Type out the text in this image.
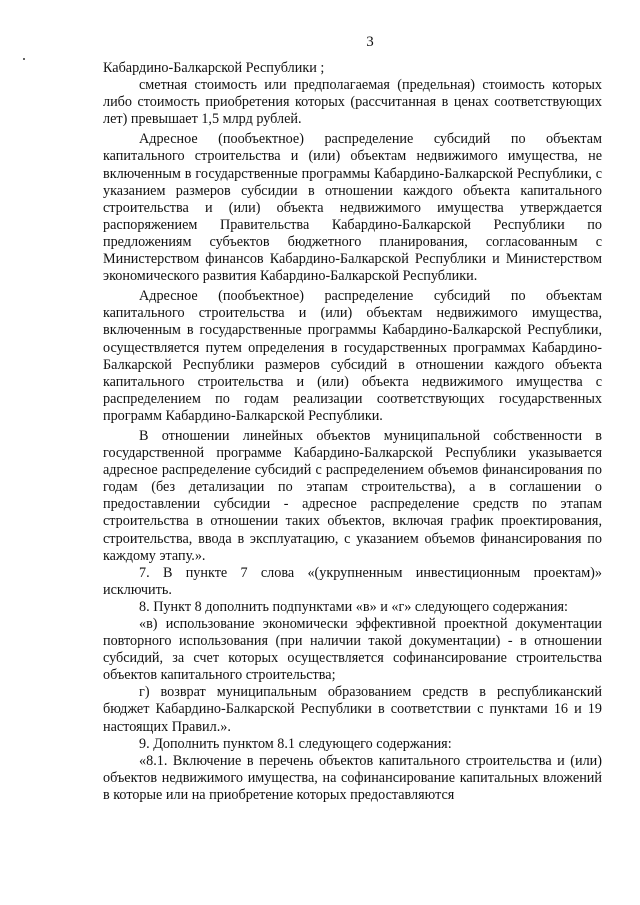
3

Кабардино-Балкарской Республики ;

сметная стоимость или предполагаемая (предельная) стоимость которых либо стоимость приобретения которых (рассчитанная в ценах соответствующих лет) превышает 1,5 млрд рублей.

Адресное (пообъектное) распределение субсидий по объектам капитального строительства и (или) объектам недвижимого имущества, не включенным в государственные программы Кабардино-Балкарской Республики, с указанием размеров субсидии в отношении каждого объекта капитального строительства и (или) объекта недвижимого имущества утверждается распоряжением Правительства Кабардино-Балкарской Республики по предложениям субъектов бюджетного планирования, согласованным с Министерством финансов Кабардино-Балкарской Республики и Министерством экономического развития Кабардино-Балкарской Республики.

Адресное (пообъектное) распределение субсидий по объектам капитального строительства и (или) объектам недвижимого имущества, включенным в государственные программы Кабардино-Балкарской Республики, осуществляется путем определения в государственных программах Кабардино-Балкарской Республики размеров субсидий в отношении каждого объекта капитального строительства и (или) объекта недвижимого имущества с распределением по годам реализации соответствующих государственных программ Кабардино-Балкарской Республики.

В отношении линейных объектов муниципальной собственности в государственной программе Кабардино-Балкарской Республики указывается адресное распределение субсидий с распределением объемов финансирования по годам (без детализации по этапам строительства), а в соглашении о предоставлении субсидии - адресное распределение средств по этапам строительства в отношении таких объектов, включая график проектирования, строительства, ввода в эксплуатацию, с указанием объемов финансирования по каждому этапу.».

7. В пункте 7 слова «(укрупненным инвестиционным проектам)» исключить.

8. Пункт 8 дополнить подпунктами «в» и «г» следующего содержания:

«в) использование экономически эффективной проектной документации повторного использования (при наличии такой документации) - в отношении субсидий, за счет которых осуществляется софинансирование строительства объектов капитального строительства;

г) возврат муниципальным образованием средств в республиканский бюджет Кабардино-Балкарской Республики в соответствии с пунктами 16 и 19 настоящих Правил.».

9. Дополнить пунктом 8.1 следующего содержания:

«8.1. Включение в перечень объектов капитального строительства и (или) объектов недвижимого имущества, на софинансирование капитальных вложений в которые или на приобретение которых предоставляются
